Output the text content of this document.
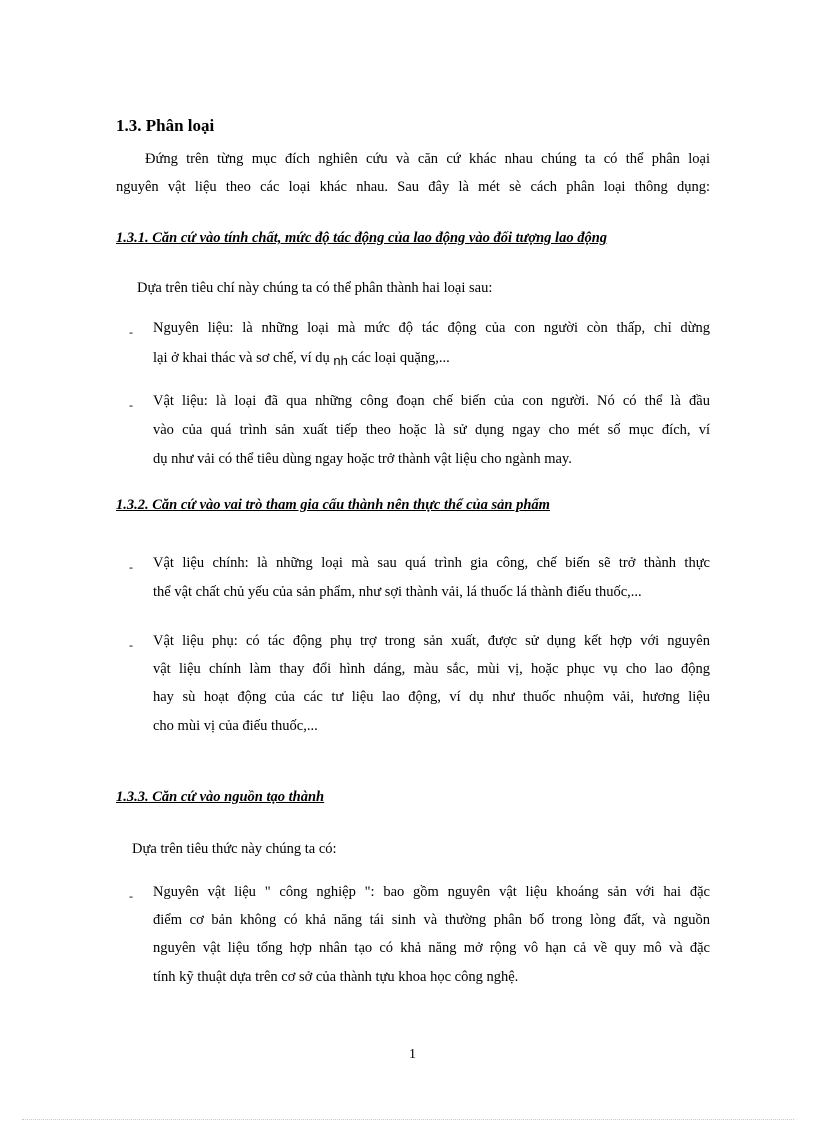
1.3. Phân loại
Đứng trên từng mục đích nghiên cứu và căn cứ khác nhau chúng ta có thể phân loại
nguyên vật liệu theo các loại khác nhau. Sau đây là mét sè cách phân loại thông dụng:
1.3.1. Căn cứ vào tính chất, mức độ tác động của lao động vào đối tượng lao động
Dựa trên tiêu chí này chúng ta có thể phân thành hai loại sau:
- Nguyên liệu: là những loại mà mức độ tác động của con người còn thấp, chỉ dừng
lại ở khai thác và sơ chế, ví dụ nh các loại quặng,...
- Vật liệu: là loại đã qua những công đoạn chế biến của con người. Nó có thể là đầu
vào của quá trình sản xuất tiếp theo hoặc là sử dụng ngay cho mét số mục đích, ví
dụ như vải có thể tiêu dùng ngay hoặc trở thành vật liệu cho ngành may.
1.3.2. Căn cứ vào vai trò tham gia cấu thành nên thực thể của sản phẩm
- Vật liệu chính: là những loại mà sau quá trình gia công, chế biến sẽ trở thành thực
thể vật chất chủ yếu của sản phẩm, như sợi thành vải, lá thuốc lá thành điếu thuốc,...
- Vật liệu phụ: có tác động phụ trợ trong sản xuất, được sử dụng kết hợp với nguyên
vật liệu chính làm thay đổi hình dáng, màu sắc, mùi vị, hoặc phục vụ cho lao động
hay sù hoạt động của các tư liệu lao động, ví dụ như thuốc nhuộm vải, hương liệu
cho mùi vị của điếu thuốc,...
1.3.3. Căn cứ vào nguồn tạo thành
Dựa trên tiêu thức này chúng ta có:
- Nguyên vật liệu " công nghiệp ": bao gồm nguyên vật liệu khoáng sản với hai đặc
điểm cơ bản không có khả năng tái sinh và thường phân bố trong lòng đất, và nguồn
nguyên vật liệu tổng hợp nhân tạo có khả năng mở rộng vô hạn cả về quy mô và đặc
tính kỹ thuật dựa trên cơ sở của thành tựu khoa học công nghệ.
1
